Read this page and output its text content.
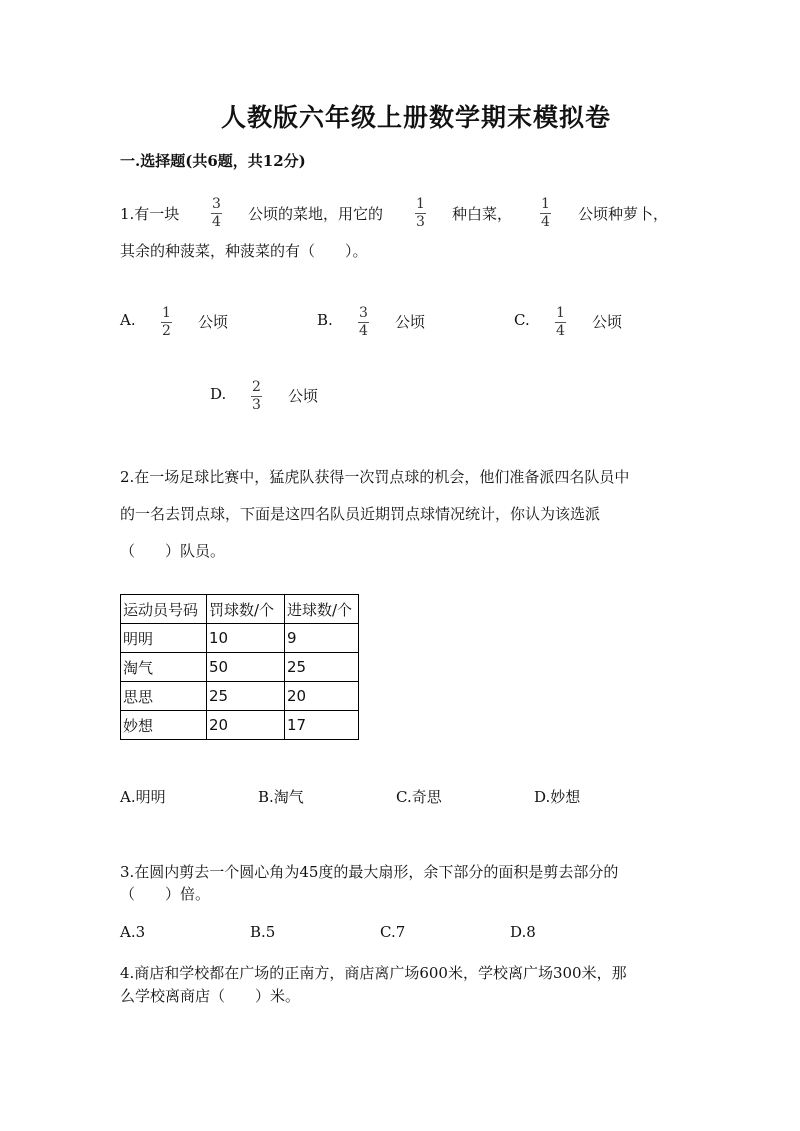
人教版六年级上册数学期末模拟卷
一.选择题(共6题，共12分)
1.有一块
3
4 公顷的菜地，用它的
1
3 种白菜，
1
4 公顷种萝卜，
其余的种菠菜，种菠菜的有（　　）。
A. 1
2 公顷	B. 3
4 公顷	C. 1
4 公顷
D. 2
3 公顷
2.在一场足球比赛中，猛虎队获得一次罚点球的机会，他们准备派四名队员中
的一名去罚点球，下面是这四名队员近期罚点球情况统计，你认为该选派
（　　）队员。
运动员号码	罚球数/个	进球数/个
明明	10	9
淘气	50	25
思思	25	20
妙想	20	17
A.明明	B.淘气	C.奇思	D.妙想
3.在圆内剪去一个圆心角为45度的最大扇形，余下部分的面积是剪去部分的
（　　）倍。
A.3	B.5	C.7	D.8
4.商店和学校都在广场的正南方，商店离广场600米，学校离广场300米，那
么学校离商店（　　）米。
